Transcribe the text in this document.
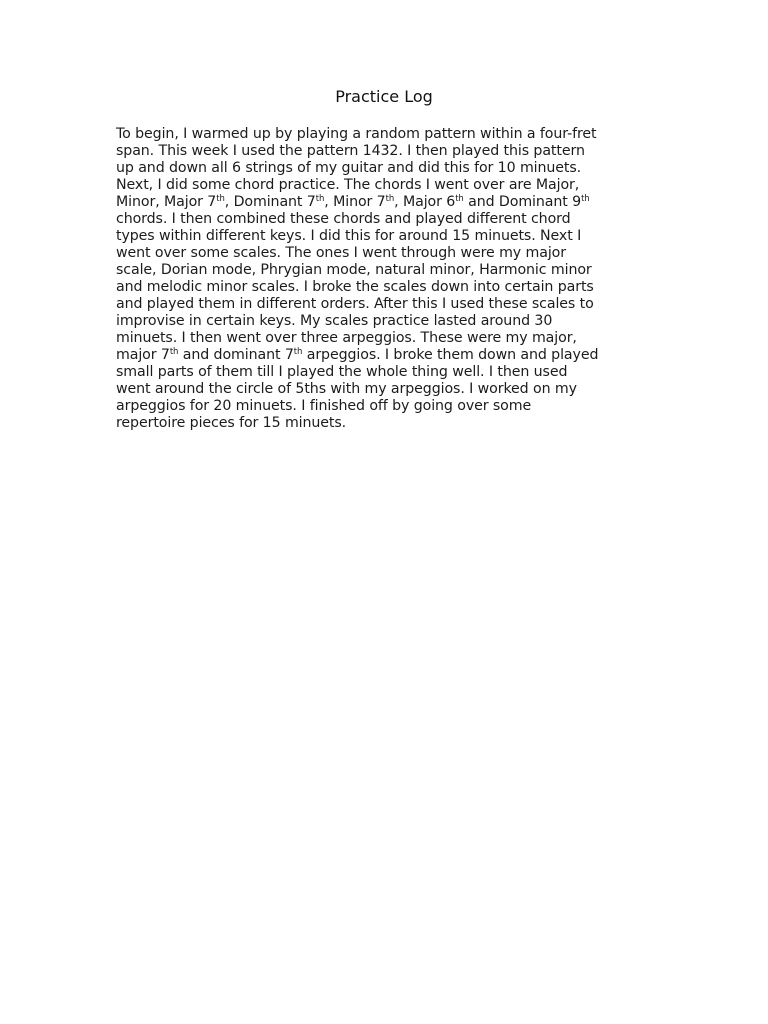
Practice Log
To begin, I warmed up by playing a random pattern within a four-fret
span. This week I used the pattern 1432. I then played this pattern
up and down all 6 strings of my guitar and did this for 10 minuets.
Next, I did some chord practice. The chords I went over are Major,
Minor, Major 7th, Dominant 7th, Minor 7th, Major 6th and Dominant 9th
chords. I then combined these chords and played different chord
types within different keys. I did this for around 15 minuets. Next I
went over some scales. The ones I went through were my major
scale, Dorian mode, Phrygian mode, natural minor, Harmonic minor
and melodic minor scales. I broke the scales down into certain parts
and played them in different orders. After this I used these scales to
improvise in certain keys. My scales practice lasted around 30
minuets. I then went over three arpeggios. These were my major,
major 7th and dominant 7th arpeggios. I broke them down and played
small parts of them till I played the whole thing well. I then used
went around the circle of 5ths with my arpeggios. I worked on my
arpeggios for 20 minuets. I finished off by going over some
repertoire pieces for 15 minuets.
